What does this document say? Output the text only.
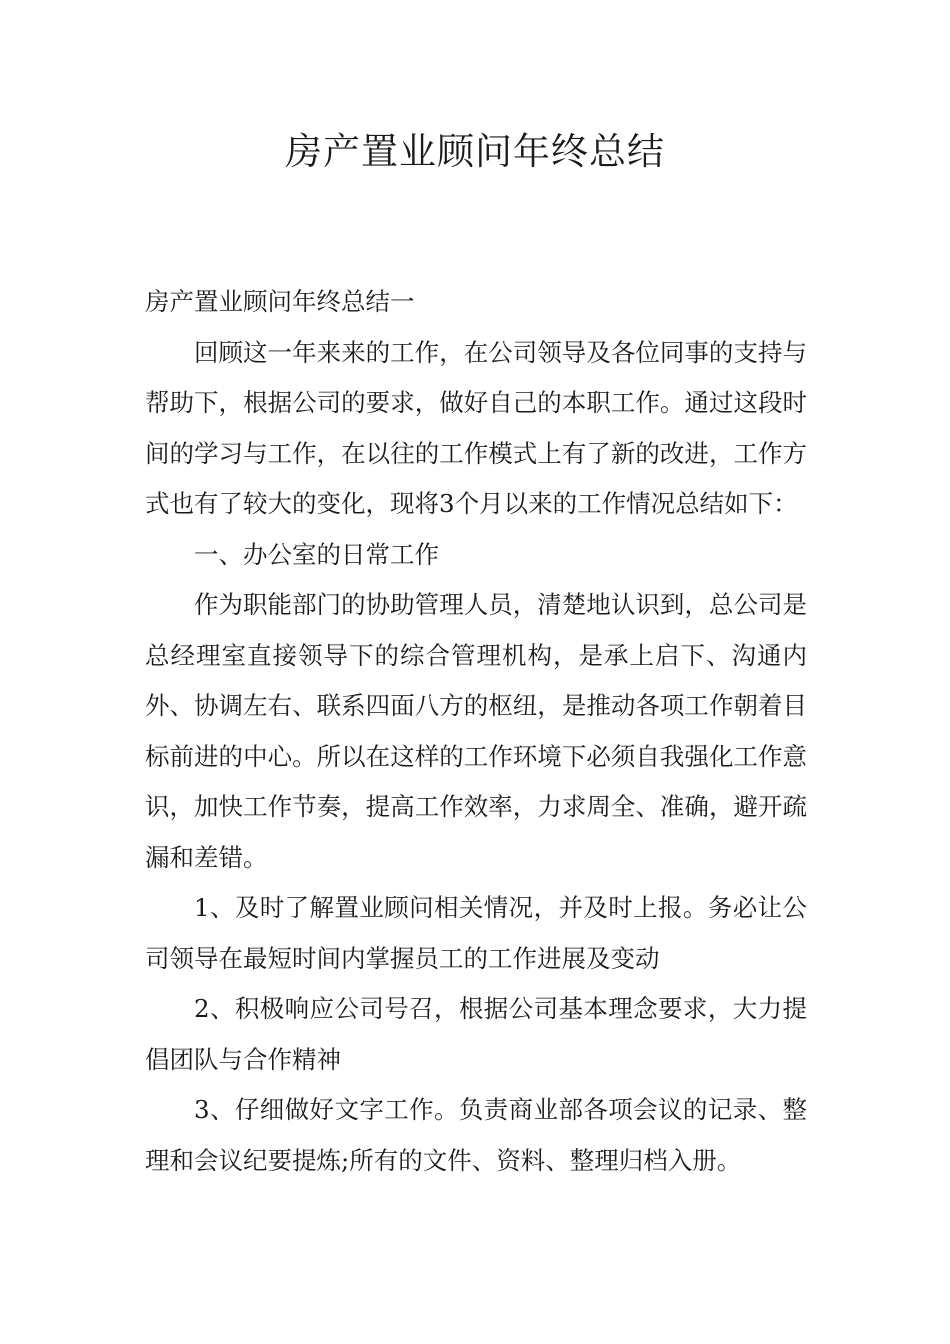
房产置业顾问年终总结

房产置业顾问年终总结一

回顾这一年来来的工作，在公司领导及各位同事的支持与帮助下，根据公司的要求，做好自己的本职工作。通过这段时间的学习与工作，在以往的工作模式上有了新的改进，工作方式也有了较大的变化，现将3个月以来的工作情况总结如下：

一、办公室的日常工作

作为职能部门的协助管理人员，清楚地认识到，总公司是总经理室直接领导下的综合管理机构，是承上启下、沟通内外、协调左右、联系四面八方的枢纽，是推动各项工作朝着目标前进的中心。所以在这样的工作环境下必须自我强化工作意识，加快工作节奏，提高工作效率，力求周全、准确，避开疏漏和差错。

1、及时了解置业顾问相关情况，并及时上报。务必让公司领导在最短时间内掌握员工的工作进展及变动

2、积极响应公司号召，根据公司基本理念要求，大力提倡团队与合作精神

3、仔细做好文字工作。负责商业部各项会议的记录、整理和会议纪要提炼;所有的文件、资料、整理归档入册。
